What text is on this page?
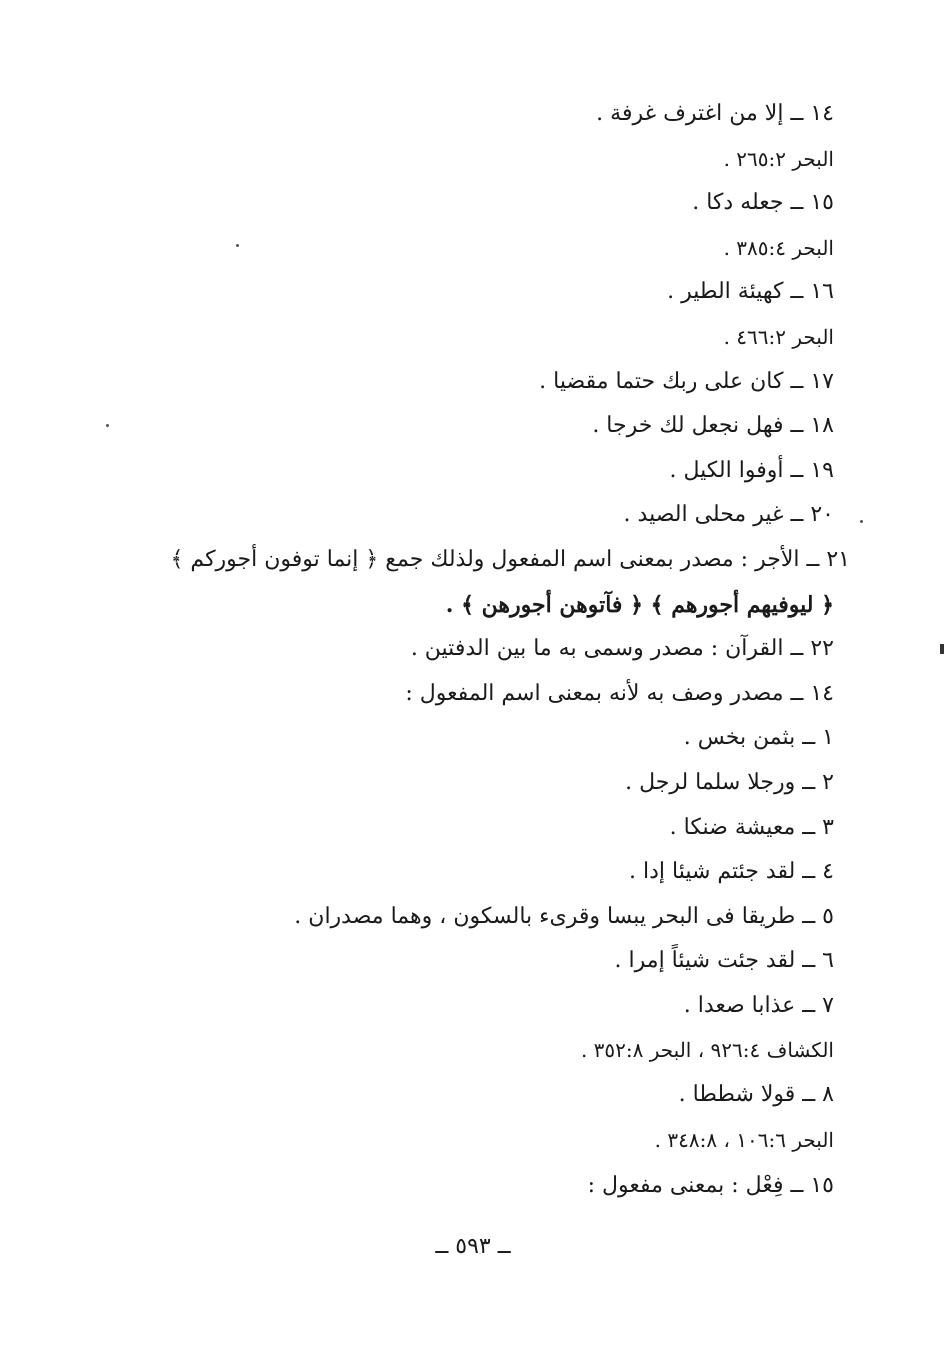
١٤ ــ إلا من اغترف غرفة .
البحر ٢٦٥:٢ .
١٥ ــ جعله دكا .
البحر ٣٨٥:٤ .
١٦ ــ كهيئة الطير .
البحر ٤٦٦:٢ .
١٧ ــ كان على ربك حتما مقضيا .
١٨ ــ فهل نجعل لك خرجا .
١٩ ــ أوفوا الكيل .
٢٠ ــ غير محلى الصيد .
٢١ ــ الأجر : مصدر بمعنى اسم المفعول ولذلك جمع ﴿ إنما توفون أجوركم ﴾
﴿ ليوفيهم أجورهم ﴾ ﴿ فآتوهن أجورهن ﴾ .
٢٢ ــ القرآن : مصدر وسمى به ما بين الدفتين .
١٤ ــ مصدر وصف به لأنه بمعنى اسم المفعول :
١ ــ بثمن بخس .
٢ ــ ورجلا سلما لرجل .
٣ ــ معيشة ضنكا .
٤ ــ لقد جئتم شيئا إدا .
٥ ــ طريقا فى البحر يبسا وقرىء بالسكون ، وهما مصدران .
٦ ــ لقد جئت شيئاً إمرا .
٧ ــ عذابا صعدا .
الكشاف ٩٢٦:٤ ، البحر ٣٥٢:٨ .
٨ ــ قولا شططا .
البحر ١٠٦:٦ ، ٣٤٨:٨ .
١٥ ــ فِعْل : بمعنى مفعول :
ــ ٥٩٣ ــ
